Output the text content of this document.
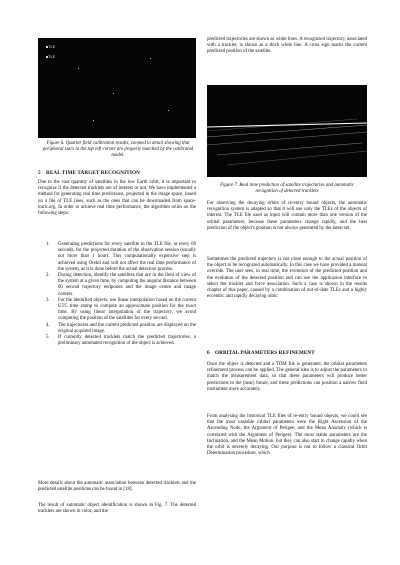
TLE
TLE
Figure 6. Quarter field calibration results, zoomed in detail showing that peripheral stars in the top left corner are properly matched by the calibrated model.
5 REAL TIME TARGET RECOGNITION

Due to the vast quantity of satellites in the low Earth orbit, it is important to recognize if the detected tracklets are of interest or not. We have implemented a method for generating real time predictions, projected in the image space, based on a file of TLE lines, such as the ones that can be downloaded from space-track.org. In order to achieve real time performance, the algorithm relies on the following steps:

1. Generating predictions for every satellite in the TLE file, at every 60 seconds, for the projected duration of the observation session (usually not more than 1 hour). This computationally expensive step is achieved using Orekit and will not affect the real time performance of the system, as it is done before the actual detection process.
2. During detection, identify the satellites that are in the field of view of the system at a given time, by computing the angular distance between 60 second trajectory endpoints and the image centre and image corners.
3. For the identified objects, use linear interpolation based on the current UTC time stamp to compute an approximate position for the exact time. By using linear interpolation of the trajectory, we avoid computing the position of the satellites for every second.
4. The trajectories and the current predicted position are displayed on the original acquired image.
5. If currently detected tracklets match the predicted trajectories, a preliminary automated recognition of the object is achieved.

More details about the automatic association between detected tracklets and the predicted satellite positions can be found in [18].

The result of automatic object identification is shown in Fig. 7. The detected tracklets are shown in color, and the

predicted trajectories are shown as white lines. A recognized trajectory, associated with a tracklet, is shown as a thick white line. A cross sign marks the current predicted position of the satellite.

Figure 7. Real time prediction of satellite trajectories and automatic recognition of detected tracklets

For observing the decaying orbits of re-entry bound objects, the automatic recognition system is adapted so that it will use only the TLEs of the objects of interest. The TLE file used as input will contain more than one version of the orbital parameters, because these parameters change rapidly, and the best prediction of the object's position is not always generated by the latest set.

Sometimes the predicted trajectory is not close enough to the actual position of the object to be recognized automatically. In this case we have provided a manual override. The user sees, in real time, the evolution of the predicted position and the evolution of the detected position and can use the application interface to select the tracklet and force association. Such a case is shown in the results chapter of this paper, caused by a combination of out-of-date TLEs and a highly eccentric and rapidly decaying orbit.

6 ORBITAL PARAMETERS REFINEMENT

Once the object is detected and a TDM file is generated, the orbital parameters refinement process can be applied. The general idea is to adjust the parameters to match the measurement data, so that these parameters will produce better predictions in the (near) future, and these predictions can position a narrow field instrument more accurately.

From analysing the historical TLE files of re-entry bound objects, we could see that the most unstable orbital parameters were the Right Ascension of the Ascending Node, the Argument of Perigee, and the Mean Anomaly (which is correlated with the Argument of Perigee). The most stable parameters are the Inclination, and the Mean Motion, but they can also start to change rapidly when the orbit is severely decaying. Our purpose is not to follow a classical Orbit Determination procedure, which
